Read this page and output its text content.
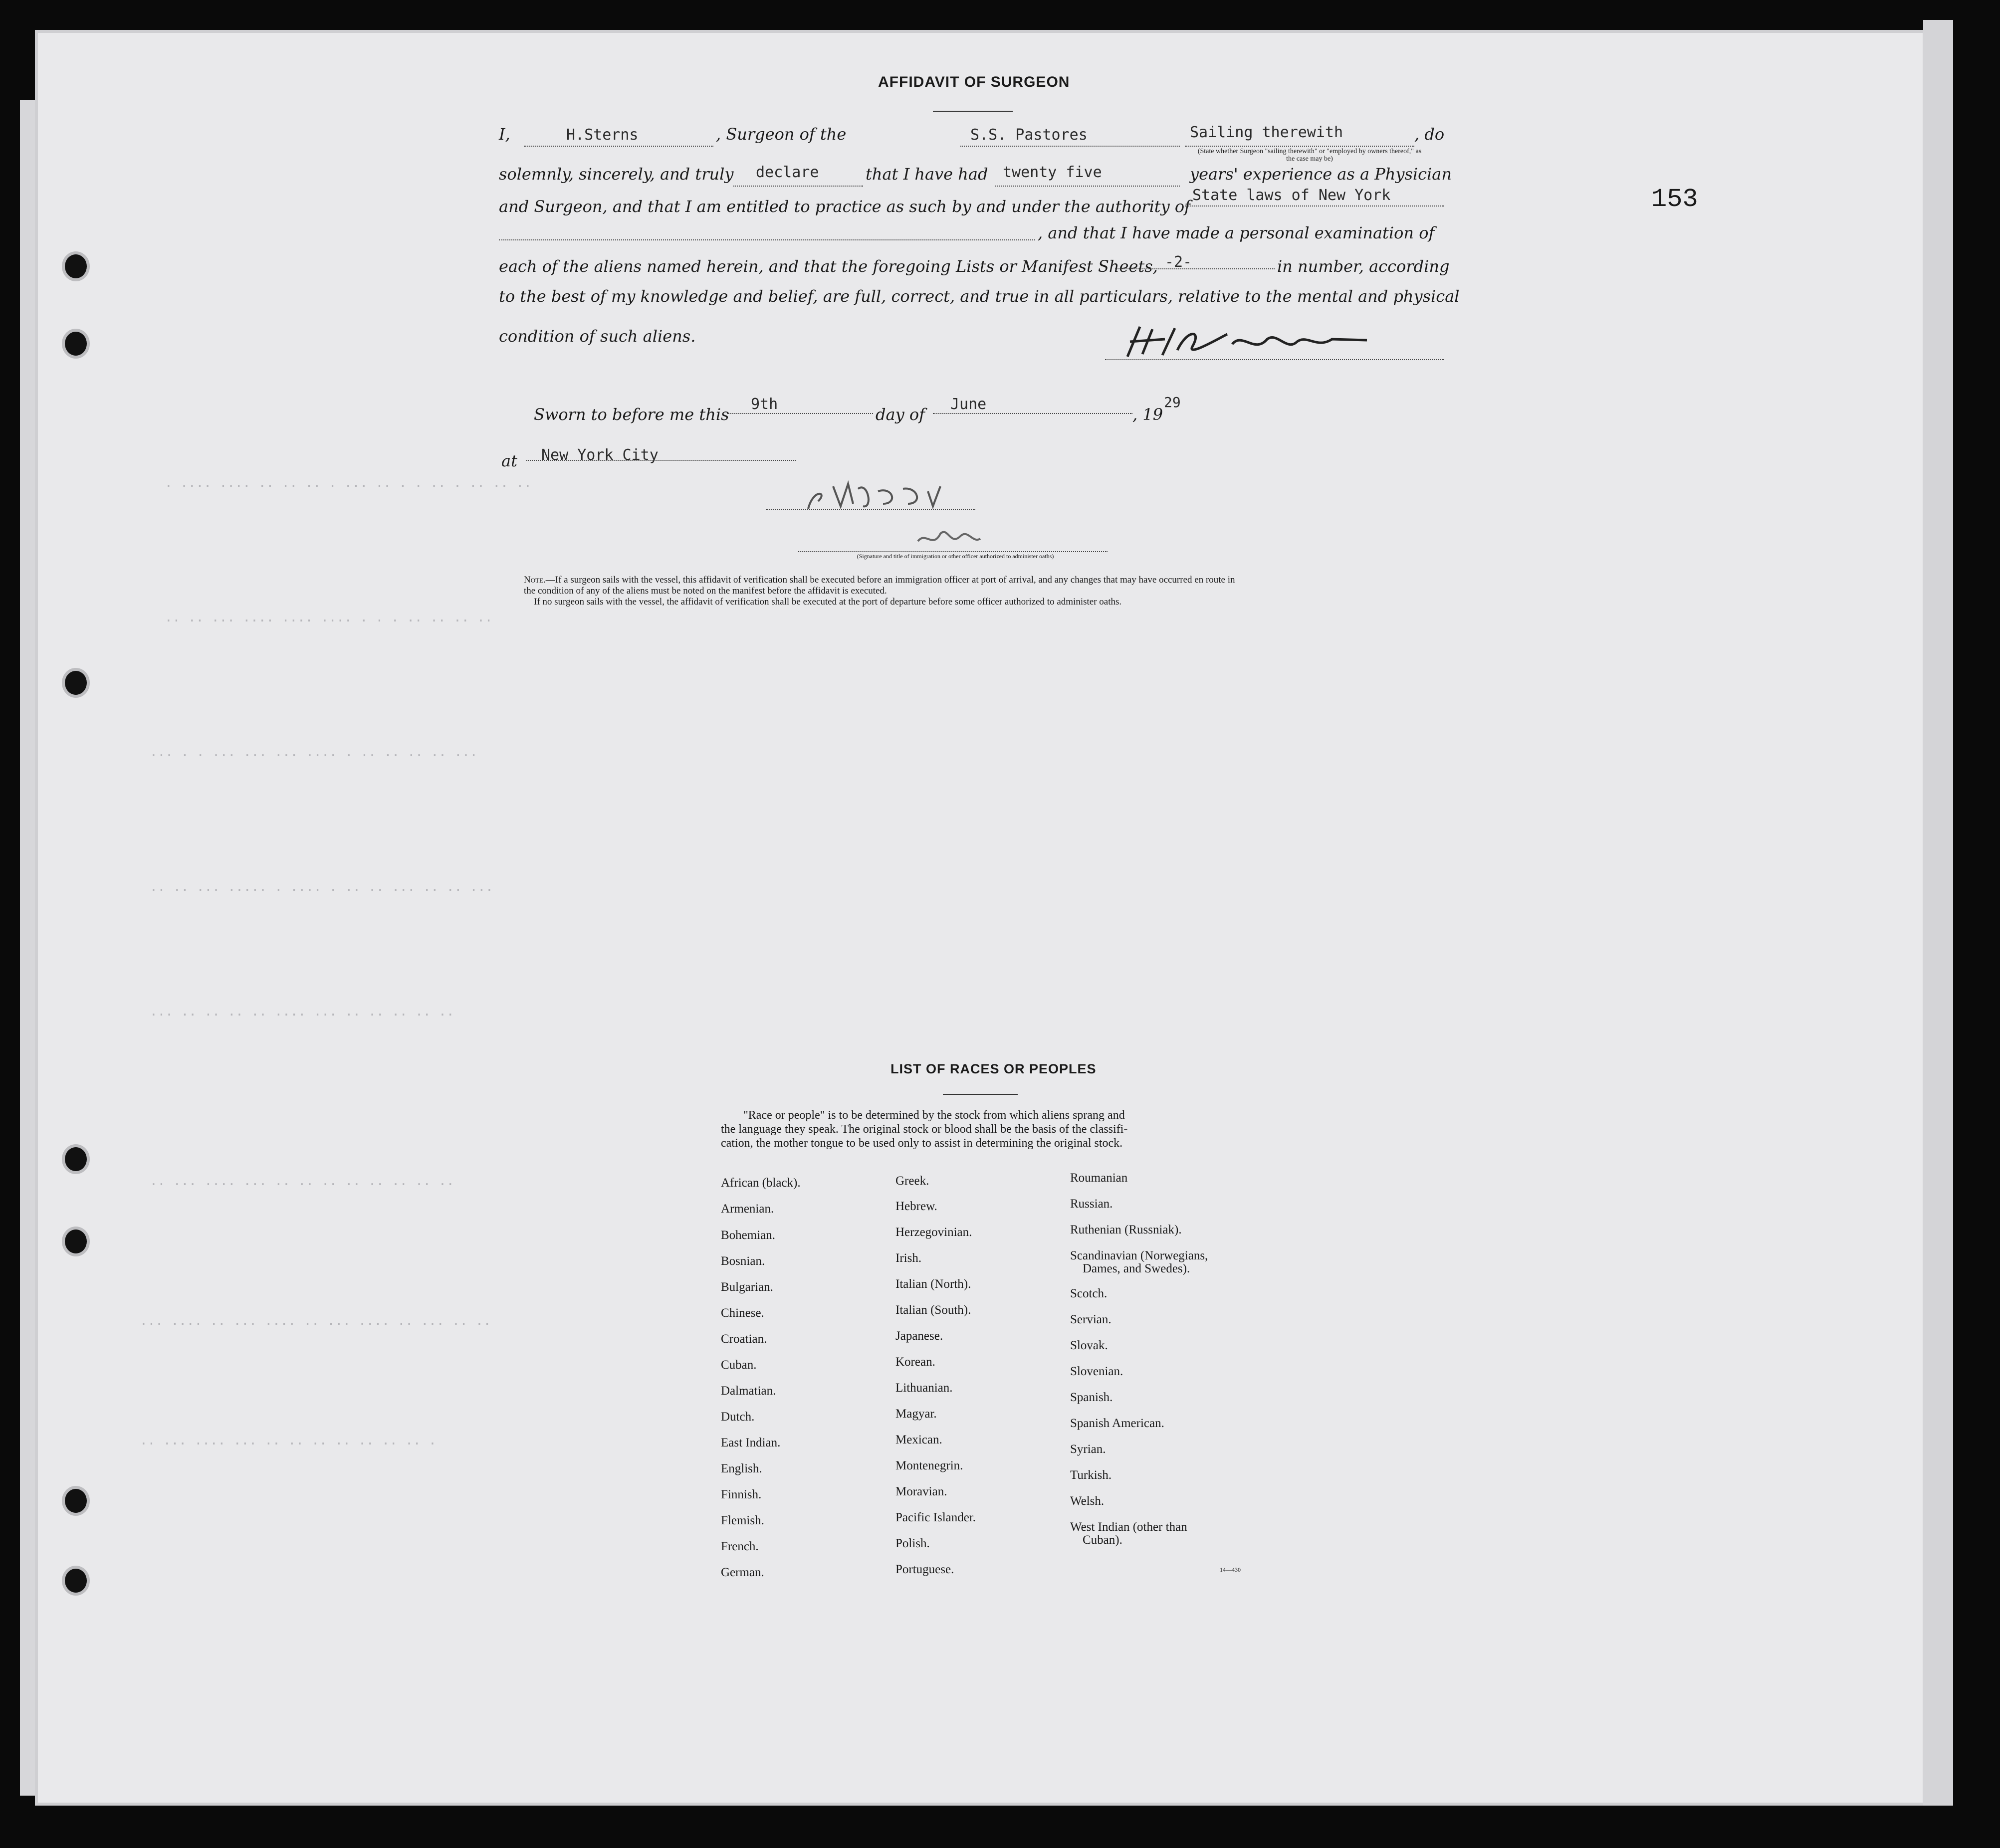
· ···· ···· ·· ·· ·· · ··· ·· · · ·· · ·· ·· ··
·· ·· ··· ···· ···· ···· · · · ·· ·· ·· ··
··· · · ··· ··· ··· ···· · ·· ·· ·· ·· ···
·· ·· ··· ····· · ···· · ·· ·· ··· ·· ·· ···
··· ·· ·· ·· ·· ···· ··· ·· ·· ·· ·· ··
·· ··· ···· ··· ·· ·· ·· ·· ·· ·· ·· ··
··· ···· ·· ··· ···· ·· ··· ···· ·· ··· ·· ··
·· ··· ···· ··· ·· ·· ·· ·· ·· ·· ·· ·
153
AFFIDAVIT OF SURGEON
I,	H.Sterns	, Surgeon of the	S.S. Pastores	Sailing therewith	, do
(State whether Surgeon "sailing therewith" or "employed by owners thereof," as the case may be)
solemnly, sincerely, and truly declare	that I have had twenty five	years' experience as a Physician
and Surgeon, and that I am entitled to practice as such by and under the authority of
State laws of New York
, and that I have made a personal examination of
each of the aliens named herein, and that the foregoing Lists or Manifest Sheets, -2-	in number, according
to the best of my knowledge and belief, are full, correct, and true in all particulars, relative to the mental and physical
condition of such aliens.
Sworn to before me this
9th
day of
June
, 19
29
at New York City
(Signature and title of immigration or other officer authorized to administer oaths)
Note.—If a surgeon sails with the vessel, this affidavit of verification shall be executed before an immigration officer at port of arrival, and any changes that may have occurred en route in
the condition of any of the aliens must be noted on the manifest before the affidavit is executed.
If no surgeon sails with the vessel, the affidavit of verification shall be executed at the port of departure before some officer authorized to administer oaths.
LIST OF RACES OR PEOPLES
"Race or people" is to be determined by the stock from which aliens sprang and
the language they speak. The original stock or blood shall be the basis of the classifi-
cation, the mother tongue to be used only to assist in determining the original stock.
African (black).
Armenian.
Bohemian.
Bosnian.
Bulgarian.
Chinese.
Croatian.
Cuban.
Dalmatian.
Dutch.
East Indian.
English.
Finnish.
Flemish.
French.
German.
Greek.
Hebrew.
Herzegovinian.
Irish.
Italian (North).
Italian (South).
Japanese.
Korean.
Lithuanian.
Magyar.
Mexican.
Montenegrin.
Moravian.
Pacific Islander.
Polish.
Portuguese.
Roumanian
Russian.
Ruthenian (Russniak).
Scandinavian (Norwegians,
Dames, and Swedes).
Scotch.
Servian.
Slovak.
Slovenian.
Spanish.
Spanish American.
Syrian.
Turkish.
Welsh.
West Indian (other than
Cuban).
14—430
